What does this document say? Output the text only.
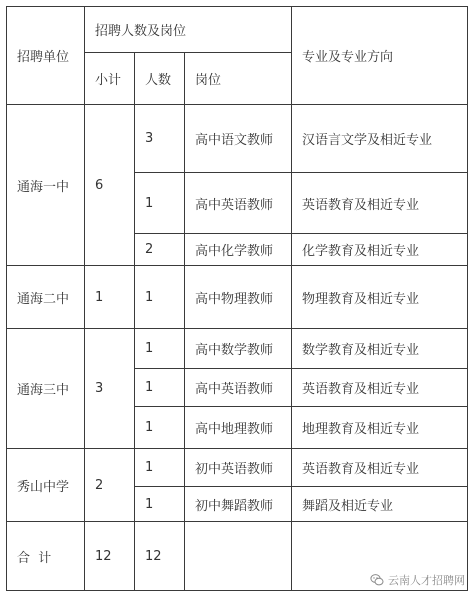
招聘单位	招聘人数及岗位			专业及专业方向
	小计	人数	岗位	
通海一中	6	3	高中语文教师	汉语言文学及相近专业
		1	高中英语教师	英语教育及相近专业
		2	高中化学教师	化学教育及相近专业
通海二中	1	1	高中物理教师	物理教育及相近专业
通海三中	3	1	高中数学教师	数学教育及相近专业
		1	高中英语教师	英语教育及相近专业
		1	高中地理教师	地理教育及相近专业
秀山中学	2	1	初中英语教师	英语教育及相近专业
		1	初中舞蹈教师	舞蹈及相近专业
合  计	12	12		
云南人才招聘网
